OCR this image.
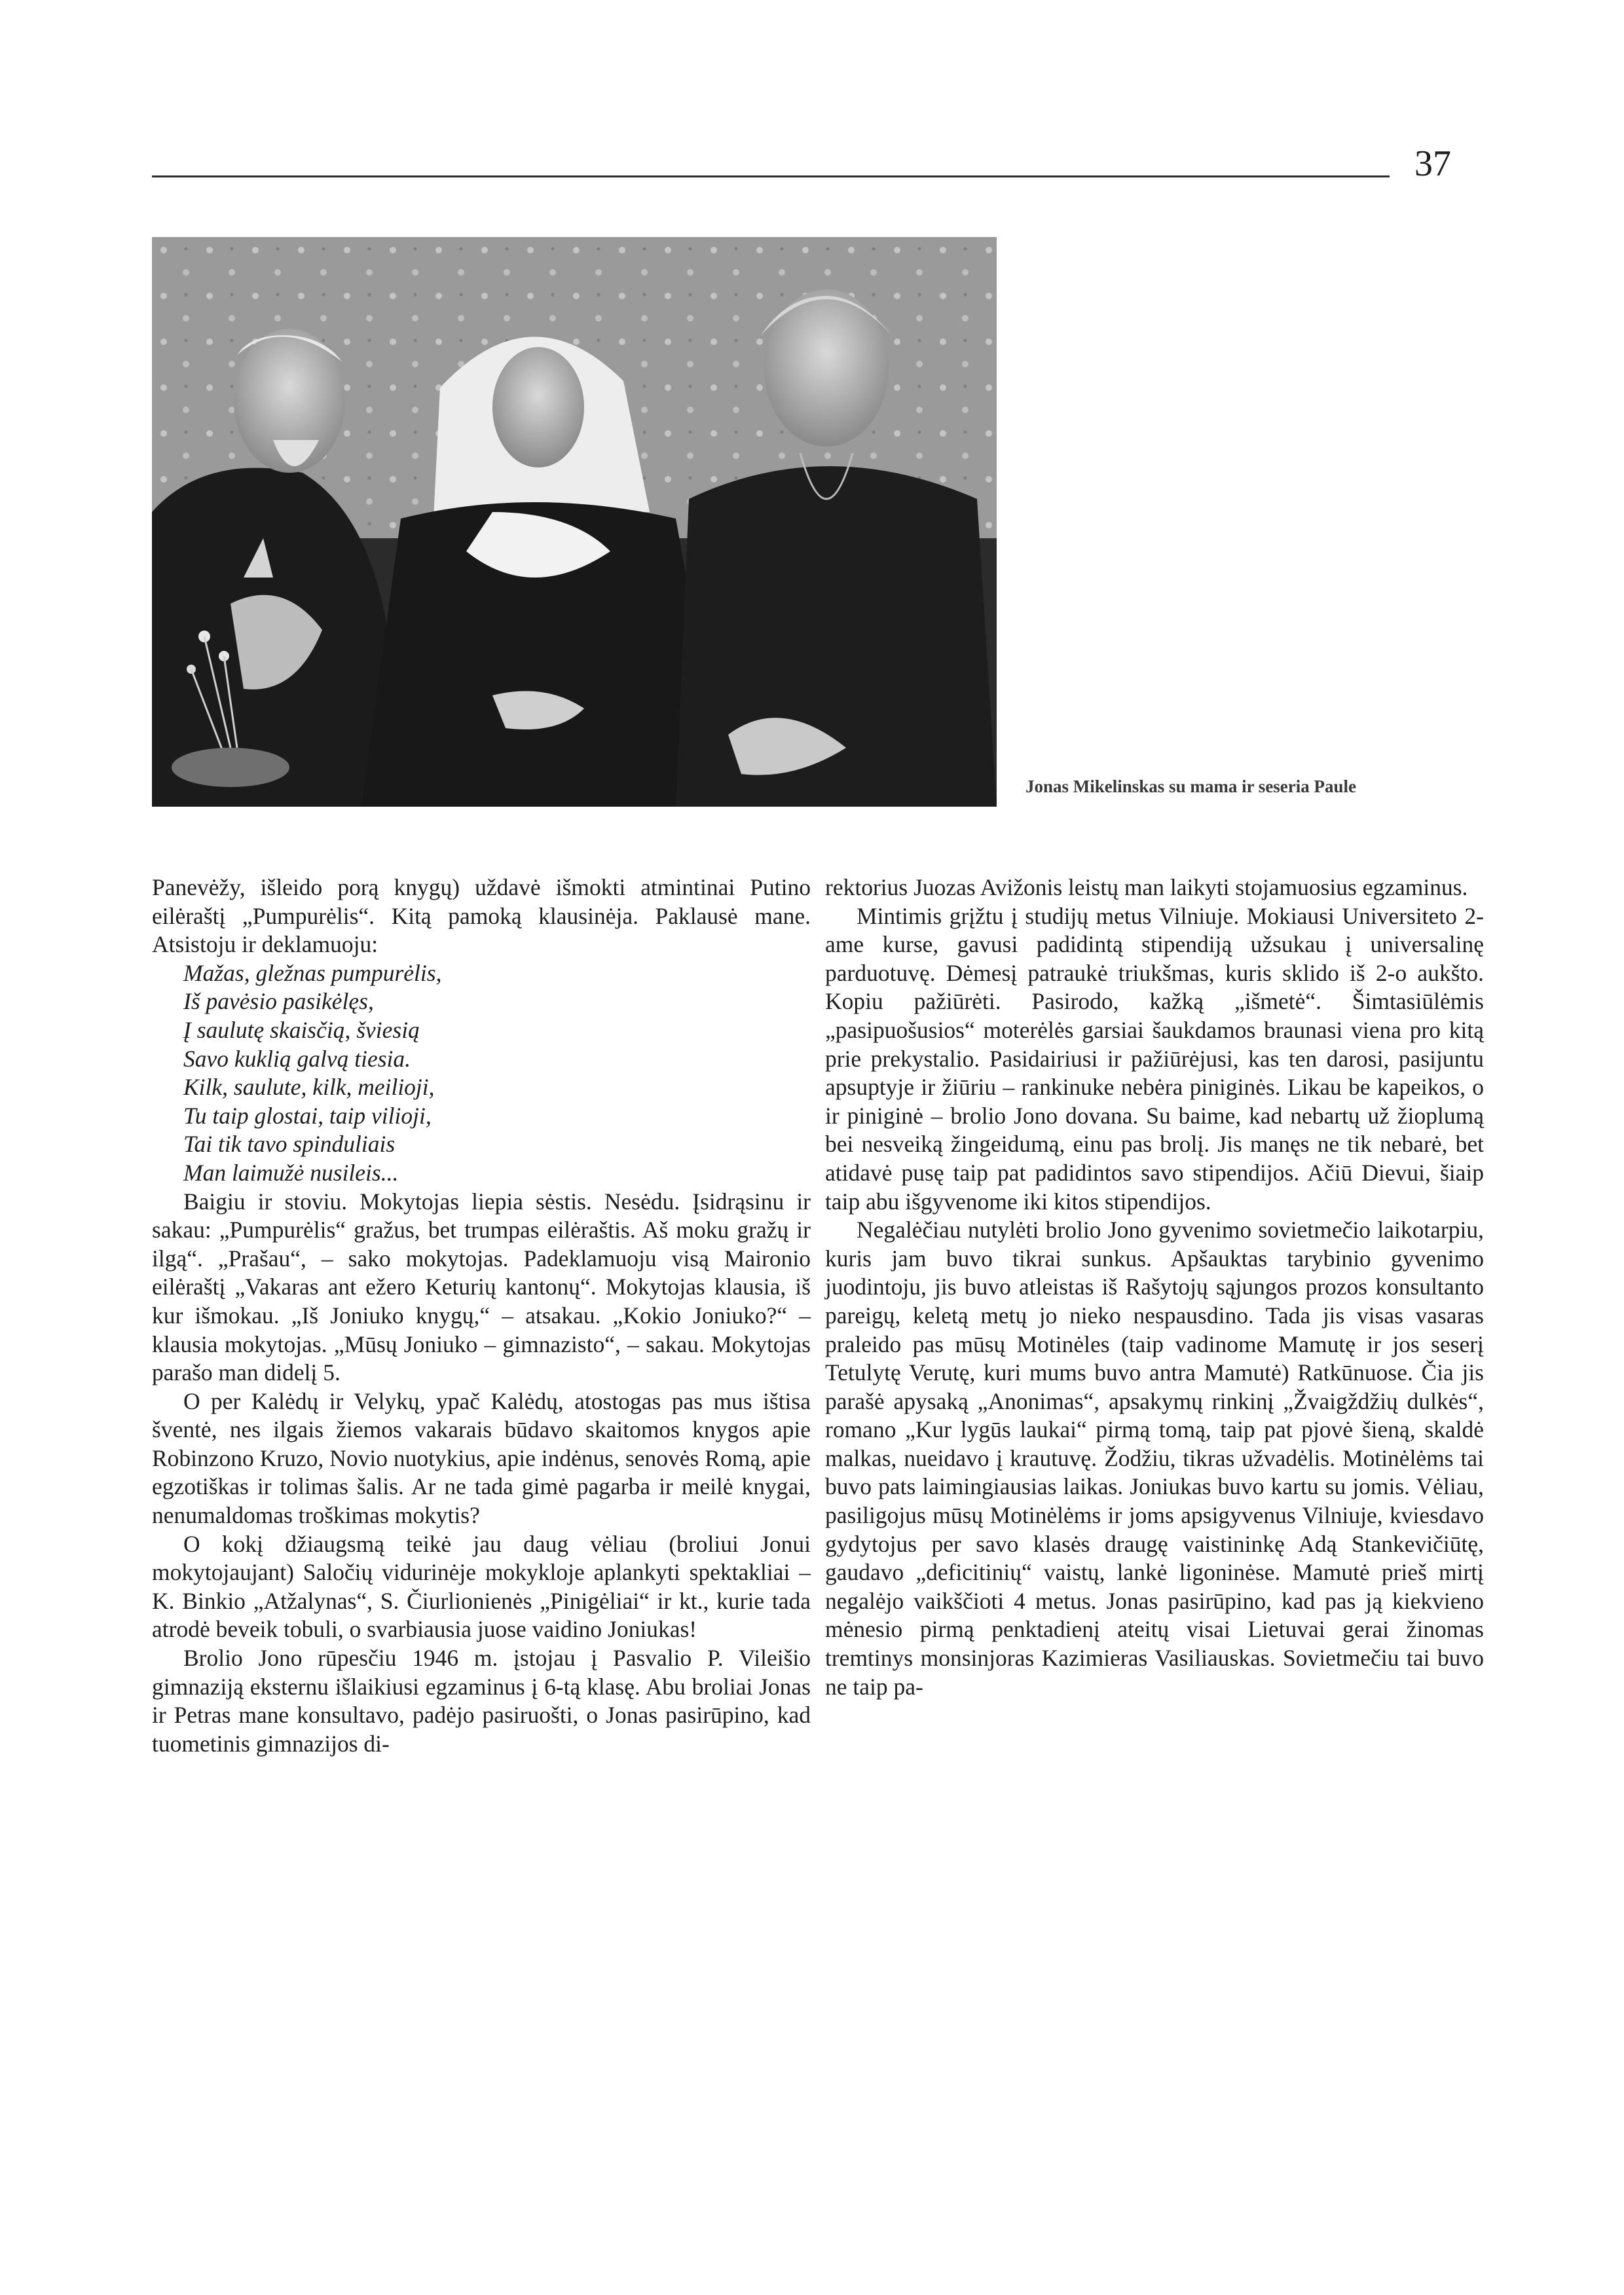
37
Jonas Mikelinskas su mama ir seseria Paule

Panevėžy, išleido porą knygų) uždavė išmokti atmintinai Putino eilėraštį „Pumpurėlis“. Kitą pamoką klausinėja. Paklausė mane. Atsistoju ir deklamuoju:

Mažas, gležnas pumpurėlis,
Iš pavėsio pasikėlęs,
Į saulutę skaisčią, šviesią
Savo kuklią galvą tiesia.
Kilk, saulute, kilk, meilioji,
Tu taip glostai, taip vilioji,
Tai tik tavo spinduliais
Man laimužė nusileis...

Baigiu ir stoviu. Mokytojas liepia sėstis. Nesėdu. Įsidrąsinu ir sakau: „Pumpurėlis“ gražus, bet trumpas eilėraštis. Aš moku gražų ir ilgą“. „Prašau“, – sako mokytojas. Padeklamuoju visą Maironio eilėraštį „Vakaras ant ežero Keturių kantonų“. Mokytojas klausia, iš kur išmokau. „Iš Joniuko knygų,“ – atsakau. „Kokio Joniuko?“ – klausia mokytojas. „Mūsų Joniuko – gimnazisto“, – sakau. Mokytojas parašo man didelį 5.

O per Kalėdų ir Velykų, ypač Kalėdų, atostogas pas mus ištisa šventė, nes ilgais žiemos vakarais būdavo skaitomos knygos apie Robinzono Kruzo, Novio nuotykius, apie indėnus, senovės Romą, apie egzotiškas ir tolimas šalis. Ar ne tada gimė pagarba ir meilė knygai, nenumaldomas troškimas mokytis?

O kokį džiaugsmą teikė jau daug vėliau (broliui Jonui mokytojaujant) Saločių vidurinėje mokykloje aplankyti spektakliai – K. Binkio „Atžalynas“, S. Čiurlionienės „Pinigėliai“ ir kt., kurie tada atrodė beveik tobuli, o svarbiausia juose vaidino Joniukas!

Brolio Jono rūpesčiu 1946 m. įstojau į Pasvalio P. Vileišio gimnaziją eksternu išlaikiusi egzaminus į 6-tą klasę. Abu broliai Jonas ir Petras mane konsultavo, padėjo pasiruošti, o Jonas pasirūpino, kad tuometinis gimnazijos di-

rektorius Juozas Avižonis leistų man laikyti stojamuosius egzaminus.

Mintimis grįžtu į studijų metus Vilniuje. Mokiausi Universiteto 2-ame kurse, gavusi padidintą stipendiją užsukau į universalinę parduotuvę. Dėmesį patraukė triukšmas, kuris sklido iš 2-o aukšto. Kopiu pažiūrėti. Pasirodo, kažką „išmetė“. Šimtasiūlėmis „pasipuošusios“ moterėlės garsiai šaukdamos braunasi viena pro kitą prie prekystalio. Pasidairiusi ir pažiūrėjusi, kas ten darosi, pasijuntu apsuptyje ir žiūriu – rankinuke nebėra piniginės. Likau be kapeikos, o ir piniginė – brolio Jono dovana. Su baime, kad nebartų už žioplumą bei nesveiką žingeidumą, einu pas brolį. Jis manęs ne tik nebarė, bet atidavė pusę taip pat padidintos savo stipendijos. Ačiū Dievui, šiaip taip abu išgyvenome iki kitos stipendijos.

Negalėčiau nutylėti brolio Jono gyvenimo sovietmečio laikotarpiu, kuris jam buvo tikrai sunkus. Apšauktas tarybinio gyvenimo juodintoju, jis buvo atleistas iš Rašytojų sąjungos prozos konsultanto pareigų, keletą metų jo nieko nespausdino. Tada jis visas vasaras praleido pas mūsų Motinėles (taip vadinome Mamutę ir jos seserį Tetulytę Verutę, kuri mums buvo antra Mamutė) Ratkūnuose. Čia jis parašė apysaką „Anonimas“, apsakymų rinkinį „Žvaigždžių dulkės“, romano „Kur lygūs laukai“ pirmą tomą, taip pat pjovė šieną, skaldė malkas, nueidavo į krautuvę. Žodžiu, tikras užvadėlis. Motinėlėms tai buvo pats laimingiausias laikas. Joniukas buvo kartu su jomis. Vėliau, pasiligojus mūsų Motinėlėms ir joms apsigyvenus Vilniuje, kviesdavo gydytojus per savo klasės draugę vaistininkę Adą Stankevičiūtę, gaudavo „deficitinių“ vaistų, lankė ligoninėse. Mamutė prieš mirtį negalėjo vaikščioti 4 metus. Jonas pasirūpino, kad pas ją kiekvieno mėnesio pirmą penktadienį ateitų visai Lietuvai gerai žinomas tremtinys monsinjoras Kazimieras Vasiliauskas. Sovietmečiu tai buvo ne taip pa-
